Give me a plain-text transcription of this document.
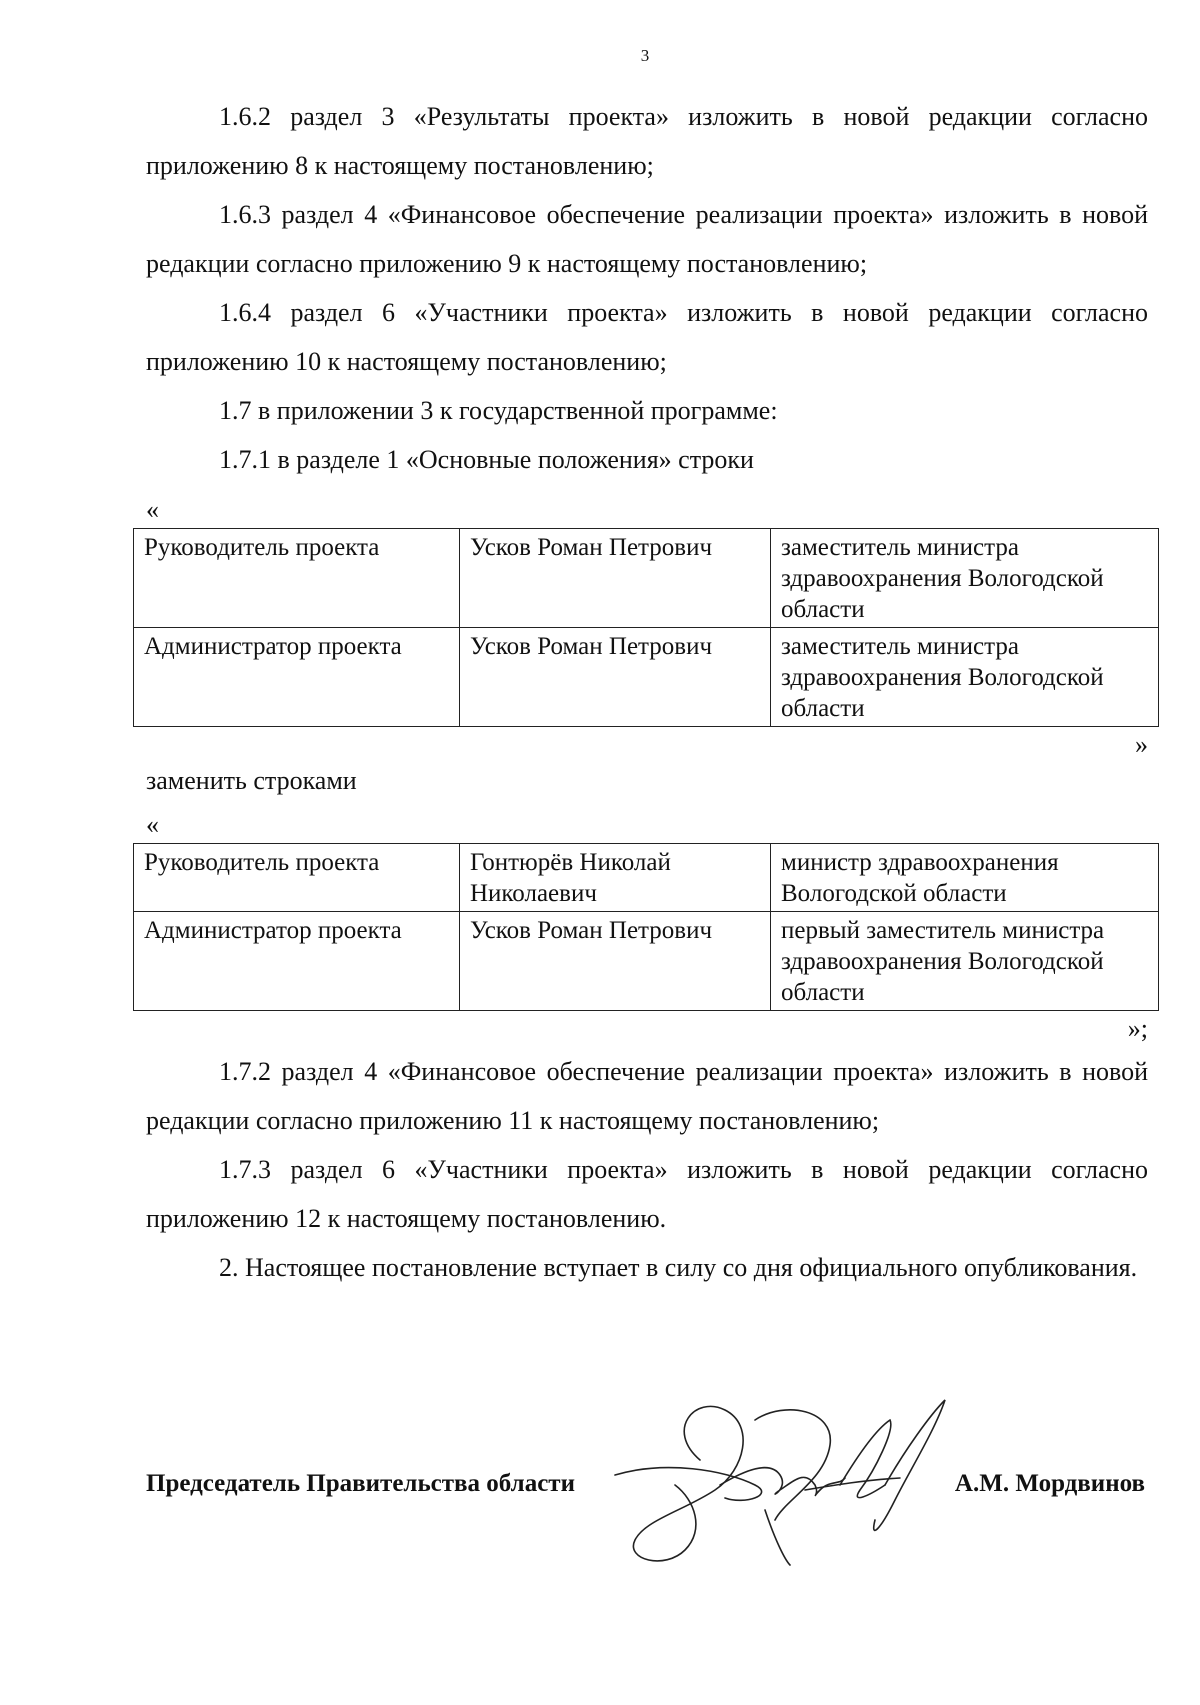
3

1.6.2 раздел 3 «Результаты проекта» изложить в новой редакции согласно приложению 8 к настоящему постановлению;

1.6.3 раздел 4 «Финансовое обеспечение реализации проекта» изложить в новой редакции согласно приложению 9 к настоящему постановлению;

1.6.4 раздел 6 «Участники проекта» изложить в новой редакции согласно приложению 10 к настоящему постановлению;

1.7 в приложении 3 к государственной программе:

1.7.1 в разделе 1 «Основные положения» строки

«

Руководитель проекта	Усков Роман Петрович	заместитель министра здравоохранения Вологодской области
Администратор проекта	Усков Роман Петрович	заместитель министра здравоохранения Вологодской области

»

заменить строками

«

Руководитель проекта	Гонтюрёв Николай Николаевич	министр здравоохранения Вологодской области
Администратор проекта	Усков Роман Петрович	первый заместитель министра здравоохранения Вологодской области

»;

1.7.2 раздел 4 «Финансовое обеспечение реализации проекта» изложить в новой редакции согласно приложению 11 к настоящему постановлению;

1.7.3 раздел 6 «Участники проекта» изложить в новой редакции согласно приложению 12 к настоящему постановлению.

2. Настоящее постановление вступает в силу со дня официального опубликования.

Председатель Правительства области	А.М. Мордвинов
